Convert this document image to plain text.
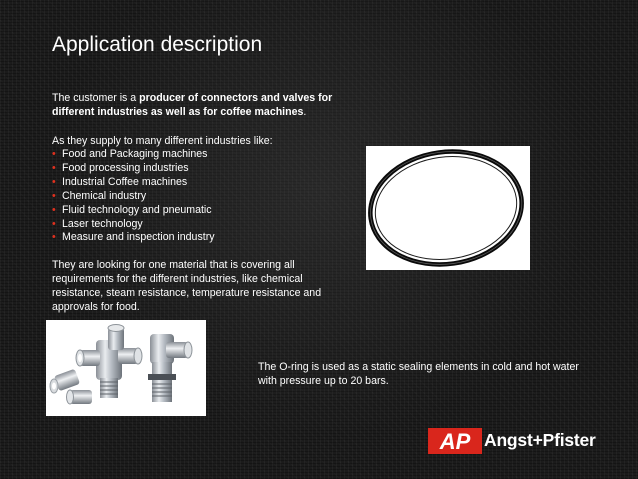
Application description
The customer is a producer of connectors and valves for different industries as well as for coffee machines.
As they supply to many different industries like:
• Food and Packaging machines
• Food processing industries
• Industrial Coffee machines
• Chemical industry
• Fluid technology and pneumatic
• Laser technology
• Measure and inspection industry
They are looking for one material that is covering all requirements for the different industries, like chemical resistance, steam resistance, temperature resistance and approvals for food.
The O-ring is used as a static sealing elements in cold and hot water with pressure up to 20 bars.
AP Angst+Pfister
